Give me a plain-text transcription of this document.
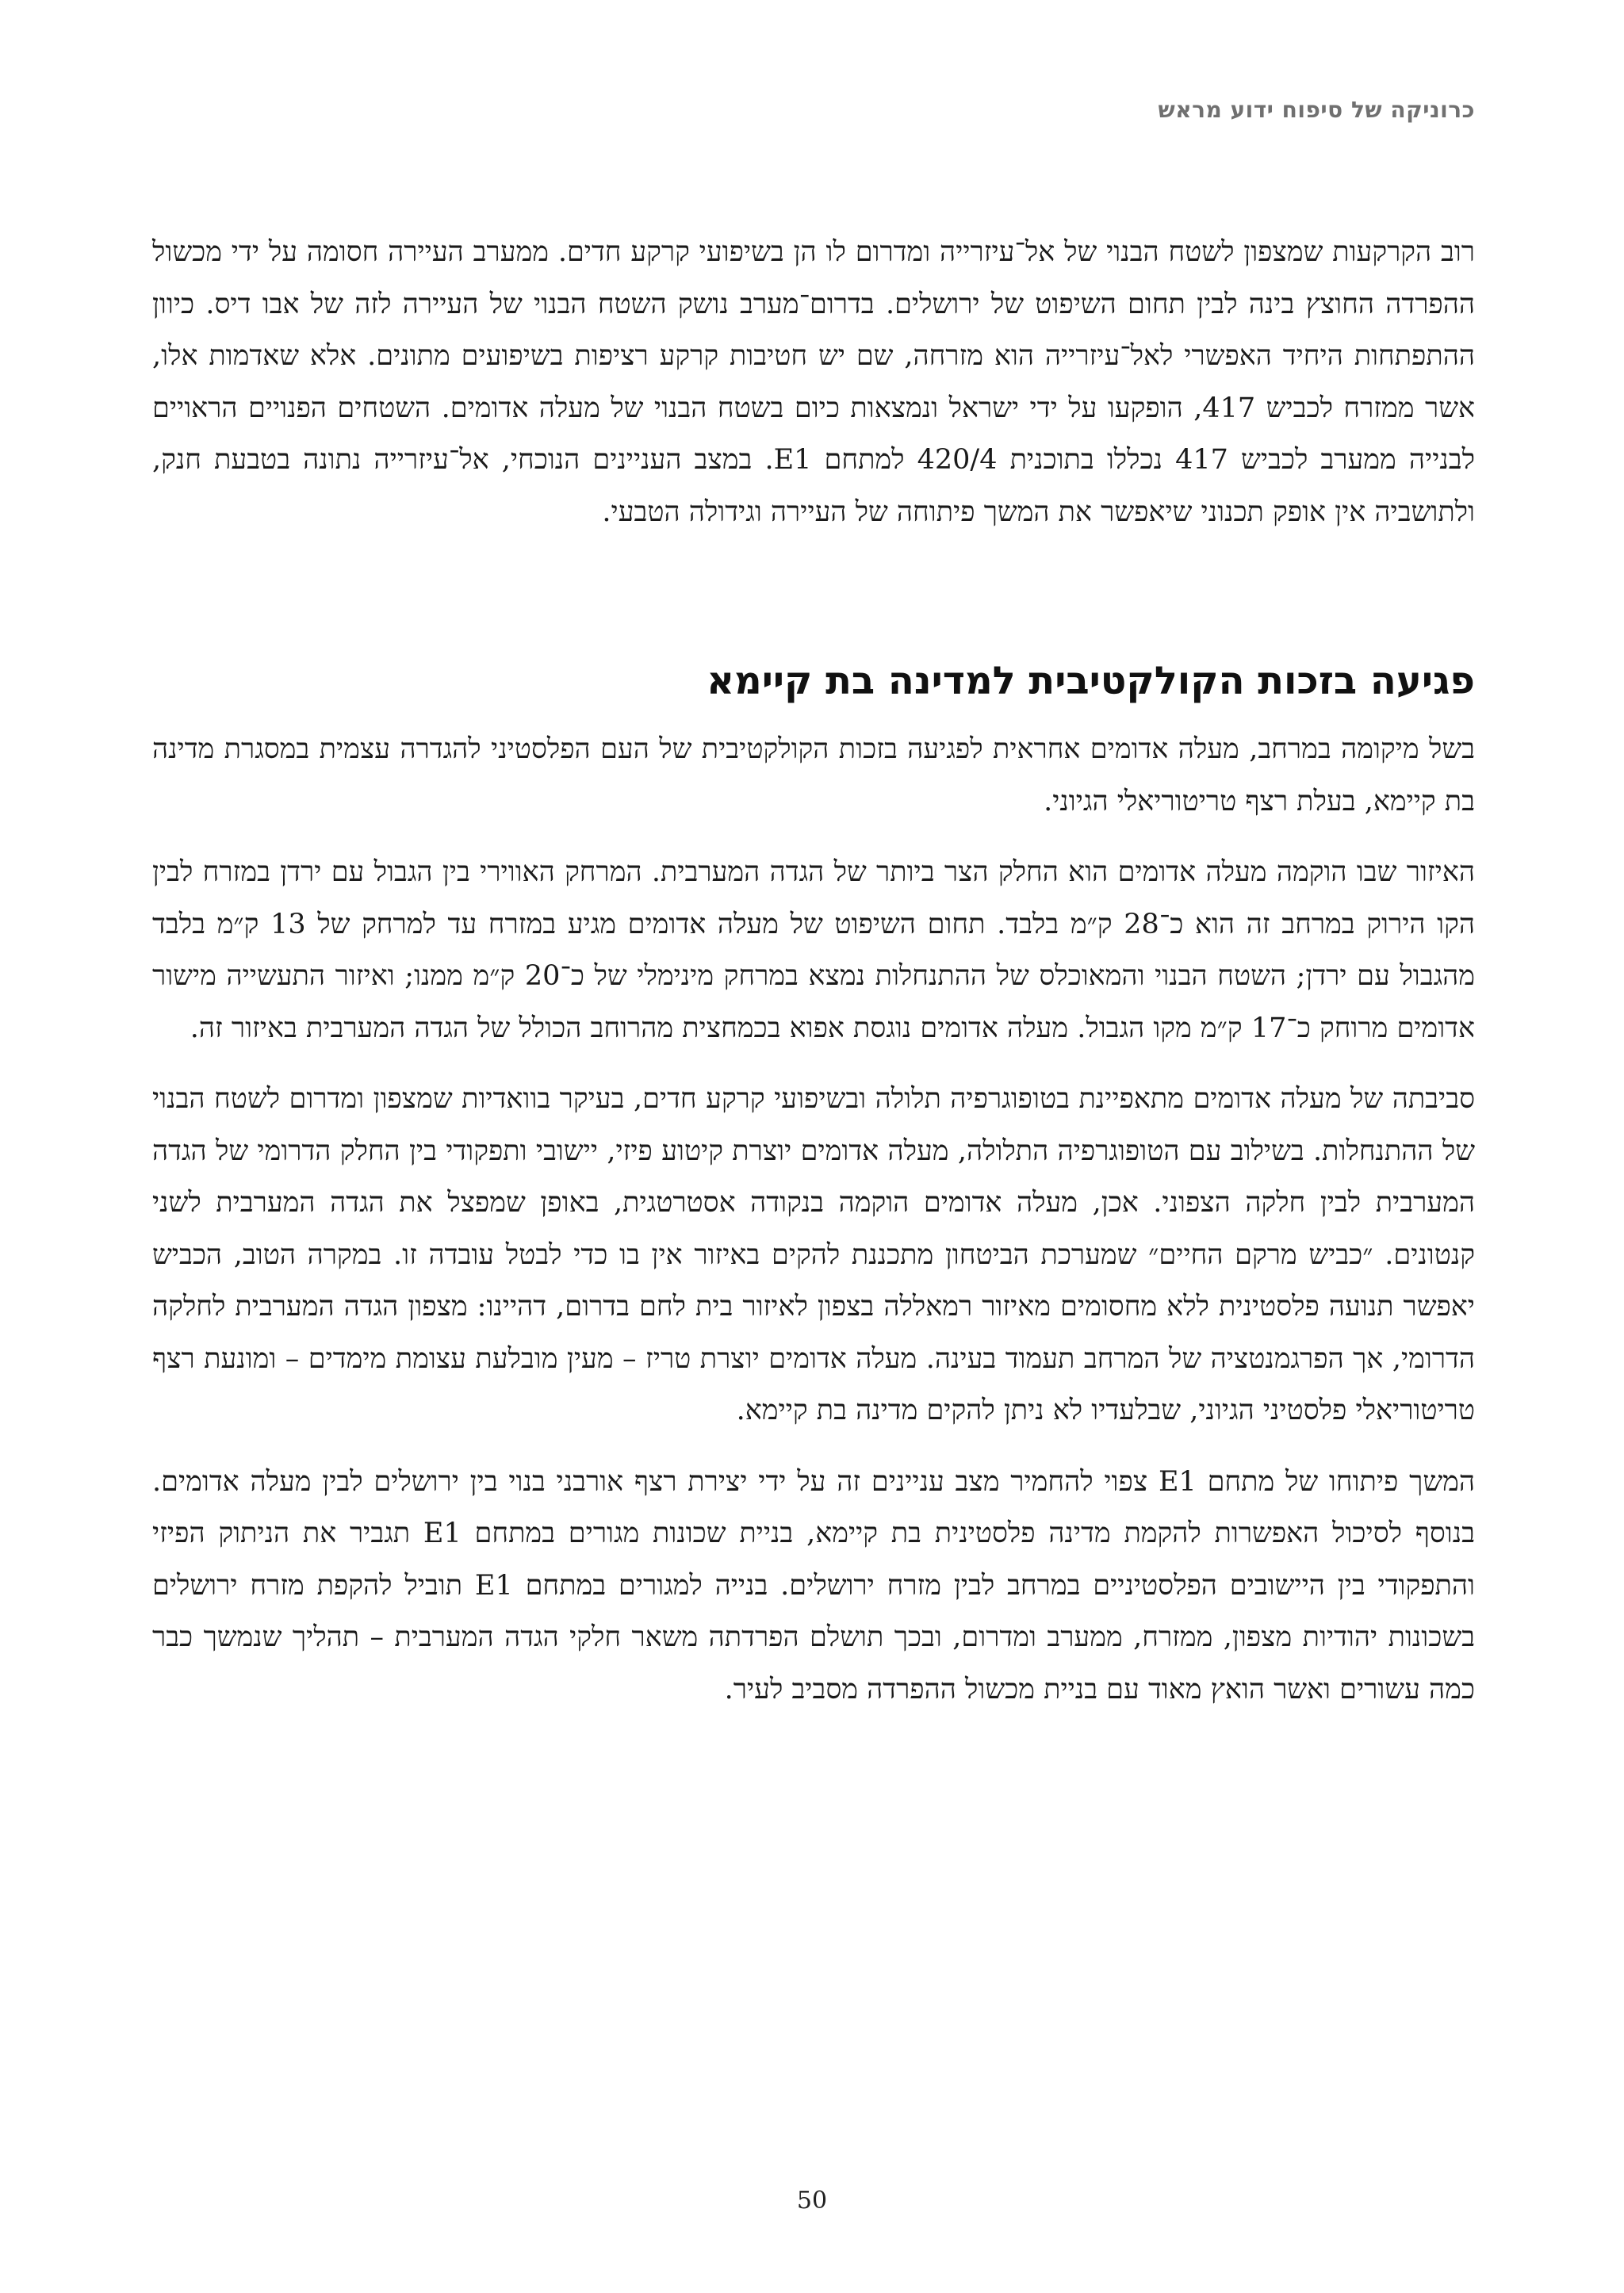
כרוניקה של סיפוח ידוע מראש

רוב הקרקעות שמצפון לשטח הבנוי של אל־עיזרייה ומדרום לו הן בשיפועי קרקע חדים. ממערב העיירה חסומה על ידי מכשול ההפרדה החוצץ בינה לבין תחום השיפוט של ירושלים. בדרום־מערב נושק השטח הבנוי של העיירה לזה של אבו דיס. כיוון ההתפתחות היחיד האפשרי לאל־עיזרייה הוא מזרחה, שם יש חטיבות קרקע רציפות בשיפועים מתונים. אלא שאדמות אלו, אשר ממזרח לכביש 417, הופקעו על ידי ישראל ונמצאות כיום בשטח הבנוי של מעלה אדומים. השטחים הפנויים הראויים לבנייה ממערב לכביש 417 נכללו בתוכנית 420/4 למתחם E1. במצב העניינים הנוכחי, אל־עיזרייה נתונה בטבעת חנק, ולתושביה אין אופק תכנוני שיאפשר את המשך פיתוחה של העיירה וגידולה הטבעי.

פגיעה בזכות הקולקטיבית למדינה בת קיימא

בשל מיקומה במרחב, מעלה אדומים אחראית לפגיעה בזכות הקולקטיבית של העם הפלסטיני להגדרה עצמית במסגרת מדינה בת קיימא, בעלת רצף טריטוריאלי הגיוני.

האיזור שבו הוקמה מעלה אדומים הוא החלק הצר ביותר של הגדה המערבית. המרחק האווירי בין הגבול עם ירדן במזרח לבין הקו הירוק במרחב זה הוא כ־28 ק״מ בלבד. תחום השיפוט של מעלה אדומים מגיע במזרח עד למרחק של 13 ק״מ בלבד מהגבול עם ירדן; השטח הבנוי והמאוכלס של ההתנחלות נמצא במרחק מינימלי של כ־20 ק״מ ממנו; ואיזור התעשייה מישור אדומים מרוחק כ־17 ק״מ מקו הגבול. מעלה אדומים נוגסת אפוא בכמחצית מהרוחב הכולל של הגדה המערבית באיזור זה.

סביבתה של מעלה אדומים מתאפיינת בטופוגרפיה תלולה ובשיפועי קרקע חדים, בעיקר בוואדיות שמצפון ומדרום לשטח הבנוי של ההתנחלות. בשילוב עם הטופוגרפיה התלולה, מעלה אדומים יוצרת קיטוע פיזי, יישובי ותפקודי בין החלק הדרומי של הגדה המערבית לבין חלקה הצפוני. אכן, מעלה אדומים הוקמה בנקודה אסטרטגית, באופן שמפצל את הגדה המערבית לשני קנטונים. ״כביש מרקם החיים״ שמערכת הביטחון מתכננת להקים באיזור אין בו כדי לבטל עובדה זו. במקרה הטוב, הכביש יאפשר תנועה פלסטינית ללא מחסומים מאיזור רמאללה בצפון לאיזור בית לחם בדרום, דהיינו: מצפון הגדה המערבית לחלקה הדרומי, אך הפרגמנטציה של המרחב תעמוד בעינה. מעלה אדומים יוצרת טריז – מעין מובלעת עצומת מימדים – ומונעת רצף טריטוריאלי פלסטיני הגיוני, שבלעדיו לא ניתן להקים מדינה בת קיימא.

המשך פיתוחו של מתחם E1 צפוי להחמיר מצב עניינים זה על ידי יצירת רצף אורבני בנוי בין ירושלים לבין מעלה אדומים. בנוסף לסיכול האפשרות להקמת מדינה פלסטינית בת קיימא, בניית שכונות מגורים במתחם E1 תגביר את הניתוק הפיזי והתפקודי בין היישובים הפלסטיניים במרחב לבין מזרח ירושלים. בנייה למגורים במתחם E1 תוביל להקפת מזרח ירושלים בשכונות יהודיות מצפון, ממזרח, ממערב ומדרום, ובכך תושלם הפרדתה משאר חלקי הגדה המערבית – תהליך שנמשך כבר כמה עשורים ואשר הואץ מאוד עם בניית מכשול ההפרדה מסביב לעיר.

50
